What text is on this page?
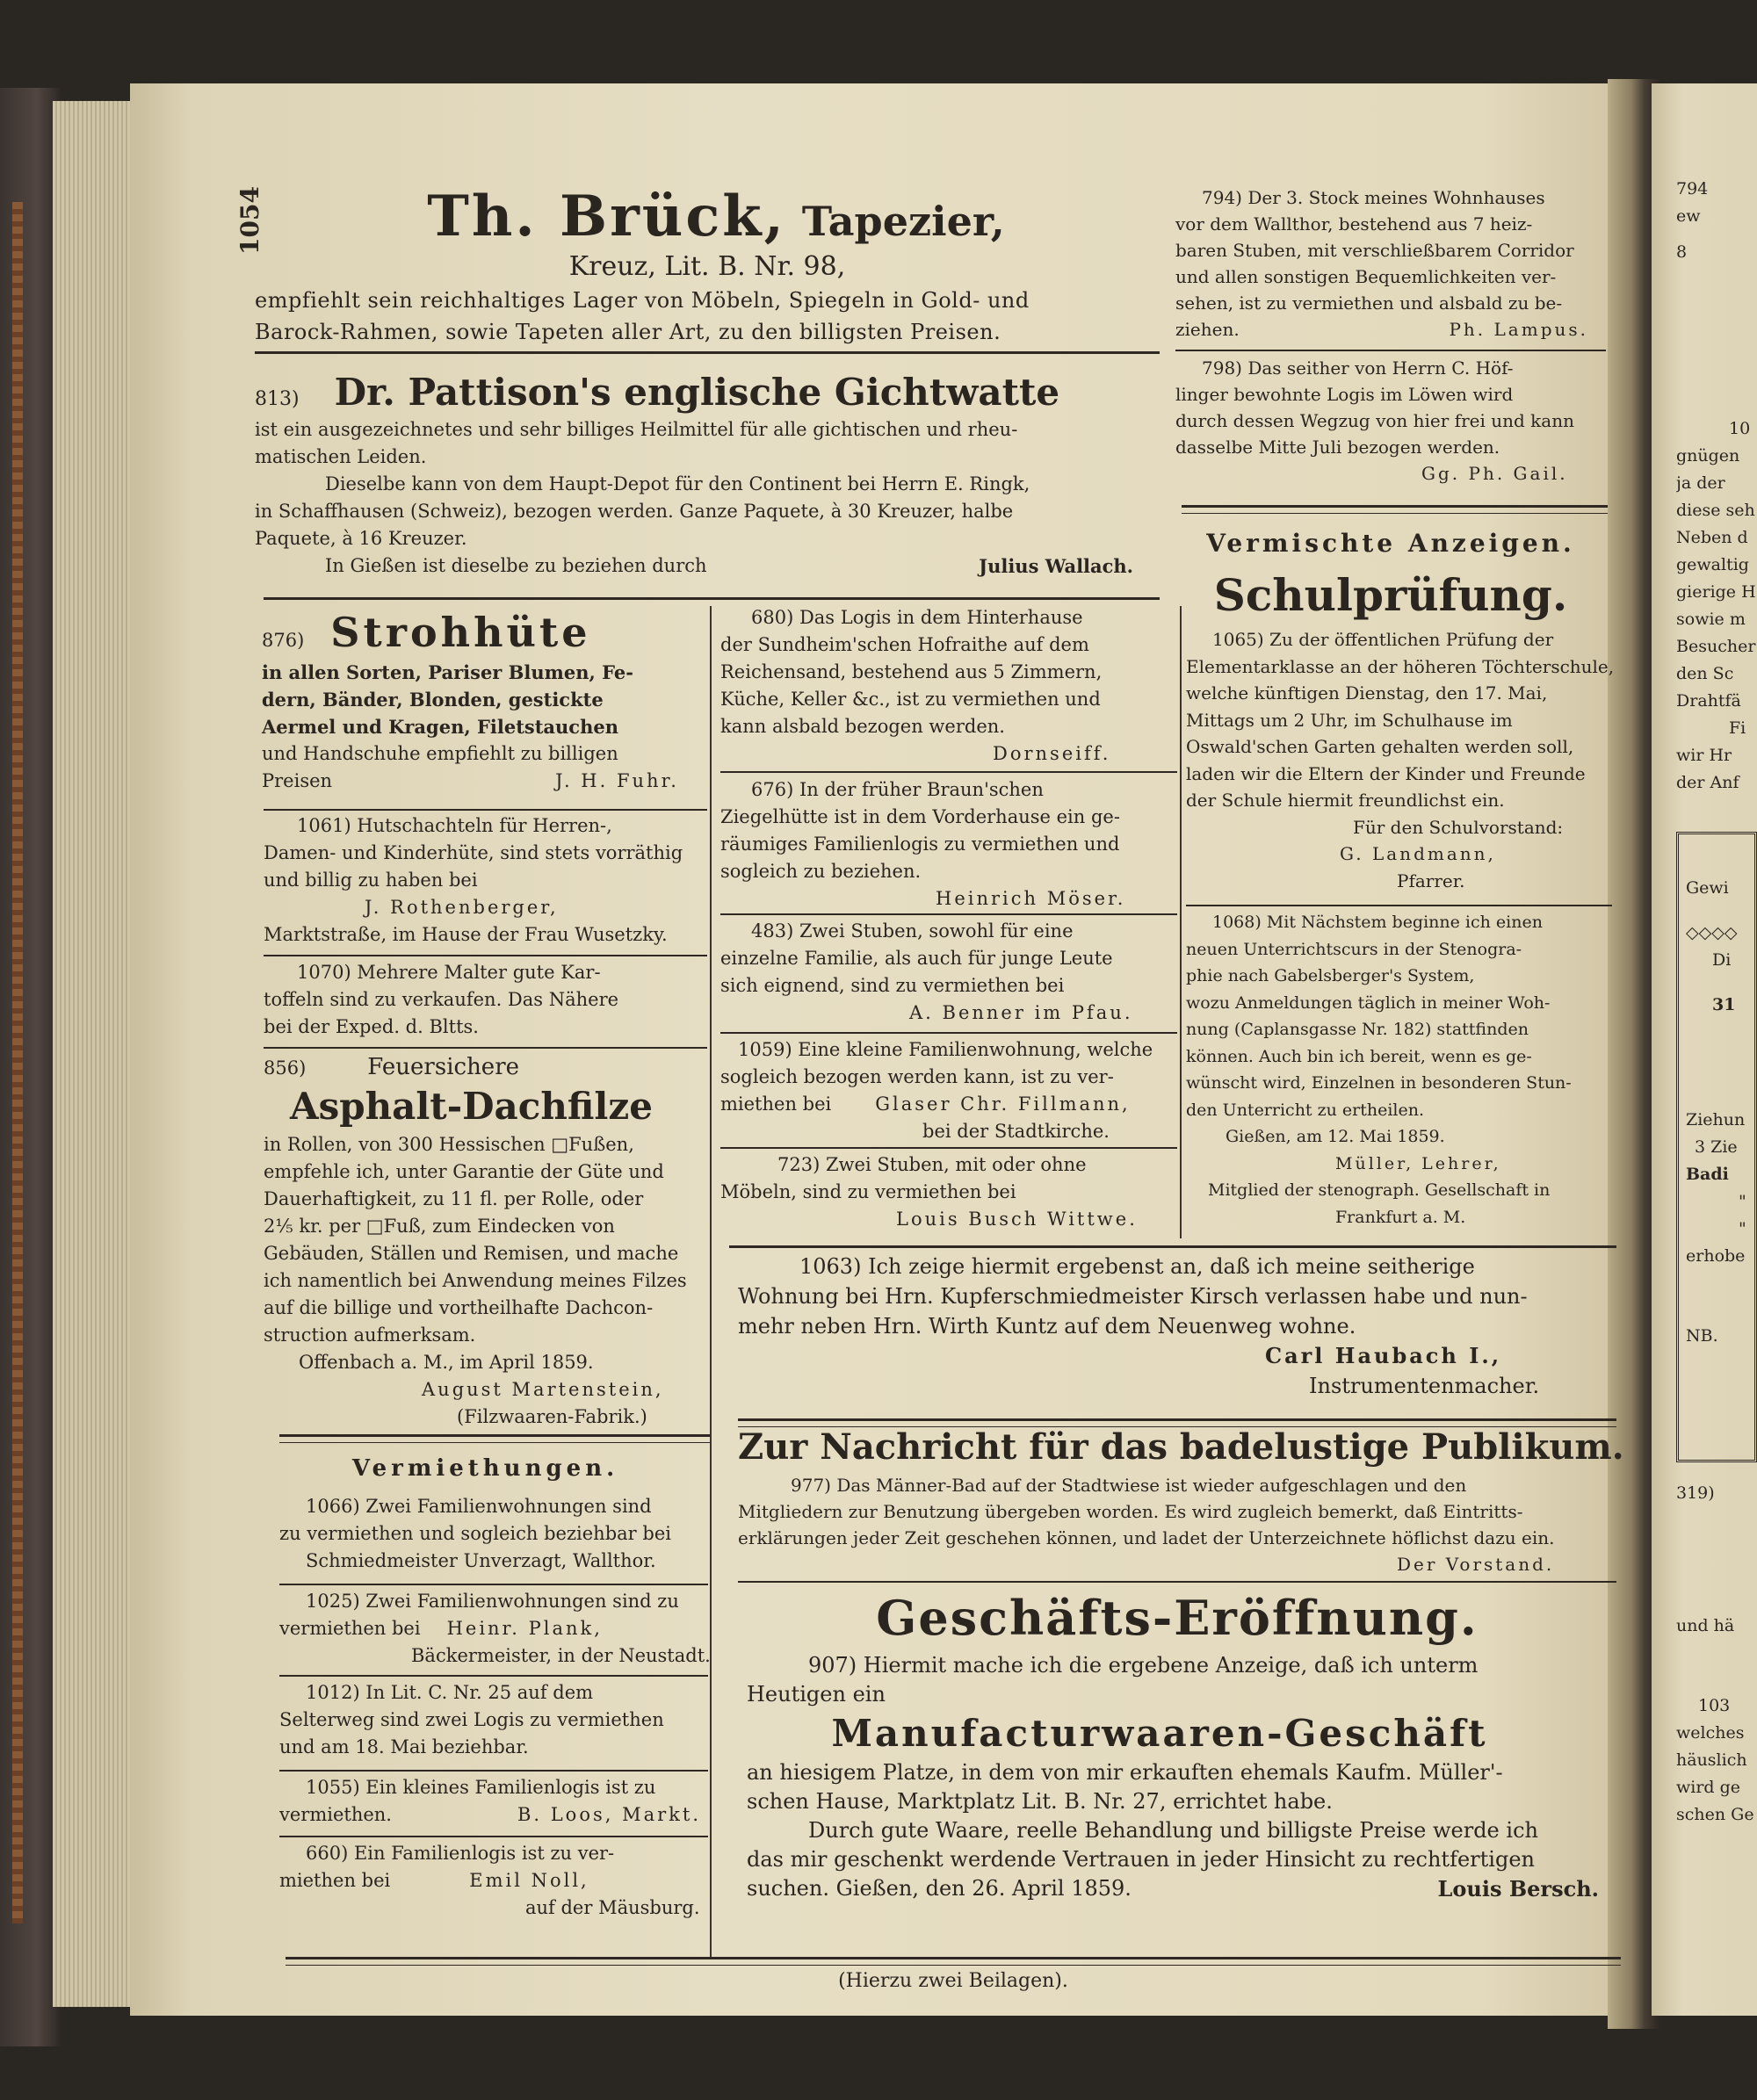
1054	Th. Brück, Tapezier,
Kreuz, Lit. B. Nr. 98,
empfiehlt sein reichhaltiges Lager von Möbeln, Spiegeln in Gold- und
Barock-Rahmen, sowie Tapeten aller Art, zu den billigsten Preisen.
813) Dr. Pattison's englische Gichtwatte
ist ein ausgezeichnetes und sehr billiges Heilmittel für alle gichtischen und rheu-
matischen Leiden.
Dieselbe kann von dem Haupt-Depot für den Continent bei Herrn E. Ringk,
in Schaffhausen (Schweiz), bezogen werden. Ganze Paquete, à 30 Kreuzer, halbe
Paquete, à 16 Kreuzer.
In Gießen ist dieselbe zu beziehen durch	Julius Wallach.
876) Strohhüte
in allen Sorten, Pariser Blumen, Fe-
dern, Bänder, Blonden, gestickte
Aermel und Kragen, Filetstauchen
und Handschuhe empfiehlt zu billigen
Preisen	J. H. Fuhr.
1061) Hutschachteln für Herren-,
Damen- und Kinderhüte, sind stets vorräthig
und billig zu haben bei
J. Rothenberger,
Marktstraße, im Hause der Frau Wusetzky.
1070) Mehrere Malter gute Kar-
toffeln sind zu verkaufen. Das Nähere
bei der Exped. d. Bltts.
856)	Feuersichere
Asphalt-Dachfilze
in Rollen, von 300 Hessischen □Fußen,
empfehle ich, unter Garantie der Güte und
Dauerhaftigkeit, zu 11 fl. per Rolle, oder
2⅕ kr. per □Fuß, zum Eindecken von
Gebäuden, Ställen und Remisen, und mache
ich namentlich bei Anwendung meines Filzes
auf die billige und vortheilhafte Dachcon-
struction aufmerksam.
Offenbach a. M., im April 1859.
August Martenstein,
(Filzwaaren-Fabrik.)
Vermiethungen.
1066) Zwei Familienwohnungen sind
zu vermiethen und sogleich beziehbar bei
Schmiedmeister Unverzagt, Wallthor.
1025) Zwei Familienwohnungen sind zu
vermiethen bei Heinr. Plank,
Bäckermeister, in der Neustadt.
1012) In Lit. C. Nr. 25 auf dem
Selterweg sind zwei Logis zu vermiethen
und am 18. Mai beziehbar.
1055) Ein kleines Familienlogis ist zu
vermiethen.	B. Loos, Markt.
660) Ein Familienlogis ist zu ver-
miethen bei	Emil Noll,
auf der Mäusburg.
680) Das Logis in dem Hinterhause
der Sundheim'schen Hofraithe auf dem
Reichensand, bestehend aus 5 Zimmern,
Küche, Keller &c., ist zu vermiethen und
kann alsbald bezogen werden.
Dornseiff.
676) In der früher Braun'schen
Ziegelhütte ist in dem Vorderhause ein ge-
räumiges Familienlogis zu vermiethen und
sogleich zu beziehen.
Heinrich Möser.
483) Zwei Stuben, sowohl für eine
einzelne Familie, als auch für junge Leute
sich eignend, sind zu vermiethen bei
A. Benner im Pfau.
1059) Eine kleine Familienwohnung, welche
sogleich bezogen werden kann, ist zu ver-
miethen bei Glaser Chr. Fillmann,
bei der Stadtkirche.
723) Zwei Stuben, mit oder ohne
Möbeln, sind zu vermiethen bei
Louis Busch Wittwe.
794) Der 3. Stock meines Wohnhauses
vor dem Wallthor, bestehend aus 7 heiz-
baren Stuben, mit verschließbarem Corridor
und allen sonstigen Bequemlichkeiten ver-
sehen, ist zu vermiethen und alsbald zu be-
ziehen.	Ph. Lampus.
798) Das seither von Herrn C. Höf-
linger bewohnte Logis im Löwen wird
durch dessen Wegzug von hier frei und kann
dasselbe Mitte Juli bezogen werden.
Gg. Ph. Gail.
Vermischte Anzeigen.
Schulprüfung.
1065) Zu der öffentlichen Prüfung der
Elementarklasse an der höheren Töchterschule,
welche künftigen Dienstag, den 17. Mai,
Mittags um 2 Uhr, im Schulhause im
Oswald'schen Garten gehalten werden soll,
laden wir die Eltern der Kinder und Freunde
der Schule hiermit freundlichst ein.
Für den Schulvorstand:
G. Landmann,
Pfarrer.
1068) Mit Nächstem beginne ich einen
neuen Unterrichtscurs in der Stenogra-
phie nach Gabelsberger's System,
wozu Anmeldungen täglich in meiner Woh-
nung (Caplansgasse Nr. 182) stattfinden
können. Auch bin ich bereit, wenn es ge-
wünscht wird, Einzelnen in besonderen Stun-
den Unterricht zu ertheilen.
Gießen, am 12. Mai 1859.
Müller, Lehrer,
Mitglied der stenograph. Gesellschaft in
Frankfurt a. M.
1063) Ich zeige hiermit ergebenst an, daß ich meine seitherige
Wohnung bei Hrn. Kupferschmiedmeister Kirsch verlassen habe und nun-
mehr neben Hrn. Wirth Kuntz auf dem Neuenweg wohne.
Carl Haubach I.,
Instrumentenmacher.
Zur Nachricht für das badelustige Publikum.
977) Das Männer-Bad auf der Stadtwiese ist wieder aufgeschlagen und den
Mitgliedern zur Benutzung übergeben worden. Es wird zugleich bemerkt, daß Eintritts-
erklärungen jeder Zeit geschehen können, und ladet der Unterzeichnete höflichst dazu ein.
Der Vorstand.
Geschäfts-Eröffnung.
907) Hiermit mache ich die ergebene Anzeige, daß ich unterm
Heutigen ein
Manufacturwaaren-Geschäft
an hiesigem Platze, in dem von mir erkauften ehemals Kaufm. Müller'-
schen Hause, Marktplatz Lit. B. Nr. 27, errichtet habe.
Durch gute Waare, reelle Behandlung und billigste Preise werde ich
das mir geschenkt werdende Vertrauen in jeder Hinsicht zu rechtfertigen
suchen. Gießen, den 26. April 1859.	Louis Bersch.
(Hierzu zwei Beilagen).
794
ew
8
10
gnügen
ja der
diese seh
Neben d
gewaltig
gierige H
sowie m
Besucher
den Sc
Drahtfä
Fi
wir Hr
der Anf
Gewi
◇◇◇◇
Di
31
Ziehun
3 Zie
Badi
"
"
erhobe
NB.
319)
und hä
103
welches
häuslich
wird ge
schen Ge
